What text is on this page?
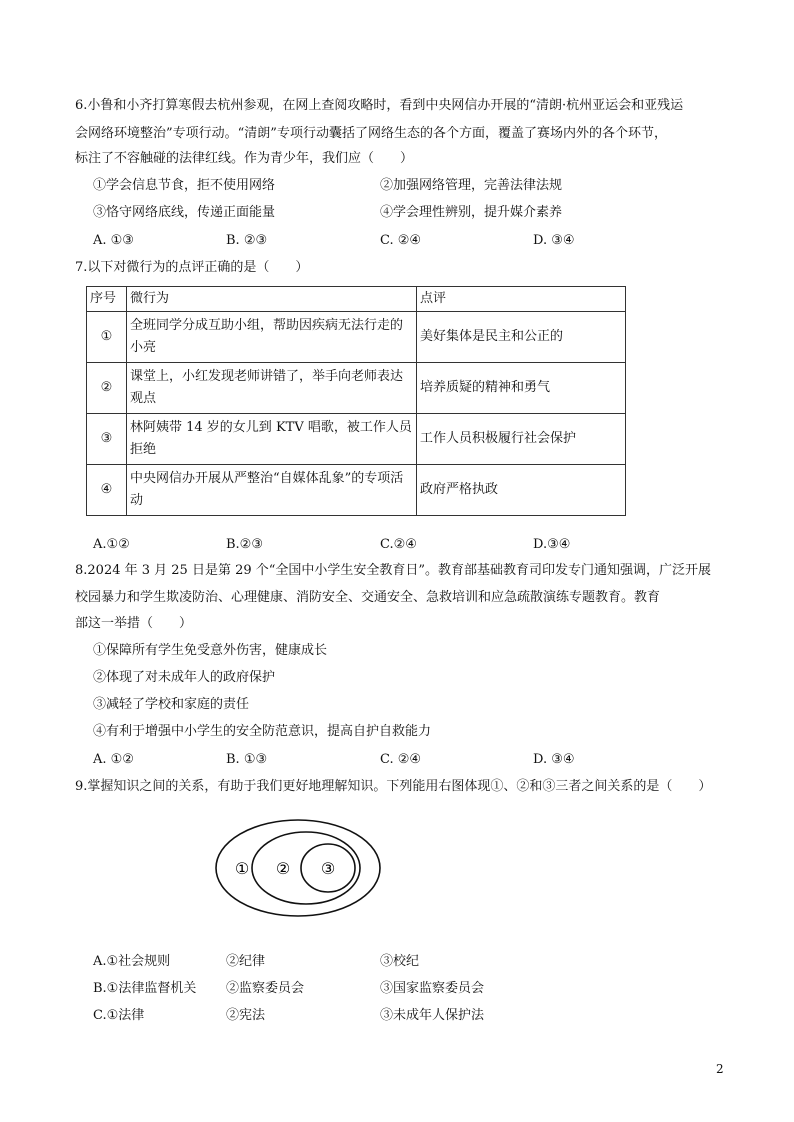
6.小鲁和小齐打算寒假去杭州参观，在网上查阅攻略时，看到中央网信办开展的“清朗·杭州亚运会和亚残运
会网络环境整治”专项行动。“清朗”专项行动囊括了网络生态的各个方面，覆盖了赛场内外的各个环节，
标注了不容触碰的法律红线。作为青少年，我们应（　　）
①学会信息节食，拒不使用网络	②加强网络管理，完善法律法规
③恪守网络底线，传递正面能量	④学会理性辨别，提升媒介素养
A. ①③	B. ②③	C. ②④	D. ③④
7.以下对微行为的点评正确的是（　　）
序号	微行为	点评
①	全班同学分成互助小组，帮助因疾病无法行走的小亮	美好集体是民主和公正的
②	课堂上，小红发现老师讲错了，举手向老师表达观点	培养质疑的精神和勇气
③	林阿姨带 14 岁的女儿到 KTV 唱歌，被工作人员拒绝	工作人员积极履行社会保护
④	中央网信办开展从严整治“自媒体乱象”的专项活动	政府严格执政
A.①②	B.②③	C.②④	D.③④
8.2024 年 3 月 25 日是第 29 个“全国中小学生安全教育日”。教育部基础教育司印发专门通知强调，广泛开展
校园暴力和学生欺凌防治、心理健康、消防安全、交通安全、急救培训和应急疏散演练专题教育。教育
部这一举措（　　）
①保障所有学生免受意外伤害，健康成长
②体现了对未成年人的政府保护
③减轻了学校和家庭的责任
④有利于增强中小学生的安全防范意识，提高自护自救能力
A. ①②	B. ①③	C. ②④	D. ③④
9.掌握知识之间的关系，有助于我们更好地理解知识。下列能用右图体现①、②和③三者之间关系的是（　　）
① ② ③
A.①社会规则	②纪律	③校纪
B.①法律监督机关 ②监察委员会	③国家监察委员会
C.①法律	②宪法	③未成年人保护法
2
